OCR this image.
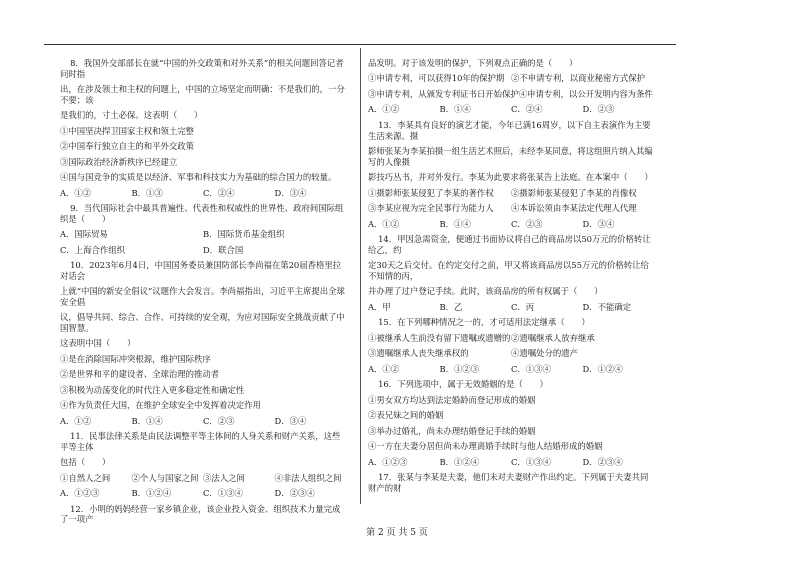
8．我国外交部部长在就“中国的外交政策和对外关系”的相关问题回答记者问时指
出，在涉及领土和主权的问题上，中国的立场坚定而明确：不是我们的，一分不要；该
是我们的，寸土必保。这表明（　　）
①中国坚决捍卫国家主权和领土完整
②中国奉行独立自主的和平外交政策
③国际政治经济新秩序已经建立
④国与国竞争的实质是以经济、军事和科技实力为基础的综合国力的较量。
A．①②	B．①③	C．②④	D．③④
9．当代国际社会中最具普遍性、代表性和权威性的世界性、政府间国际组织是（　　）
A．国际贸易	B．国际货币基金组织
C．上海合作组织	D．联合国
10．2023年6月4日，中国国务委员兼国防部长李尚福在第20届香格里拉对话会
上就“中国的新安全倡议”议题作大会发言。李尚福指出，习近平主席提出全球安全倡
议，倡导共同、综合、合作、可持续的安全观，为应对国际安全挑战贡献了中国智慧。
这表明中国（　　）
①是在消除国际冲突根源，维护国际秩序
②是世界和平的建设者、全球治理的推动者
③积极为动荡变化的时代注入更多稳定性和确定性
④作为负责任大国，在维护全球安全中发挥着决定作用
A．①②	B．①④	C．②③	D．③④
11．民事法律关系是由民法调整平等主体间的人身关系和财产关系，这些平等主体
包括（　　）
①自然人之间	②个人与国家之间 ③法人之间	④非法人组织之间
A．①②③	B．①②④	C．①③④	D．②③④
12．小明的妈妈经营一家乡镇企业，该企业投入资金、组织技术力量完成了一项产
品发明。对于该发明的保护，下列观点正确的是（　　）
①申请专利，可以获得10年的保护期 ②不申请专利，以商业秘密方式保护
③申请专利，从颁发专利证书日开始保护 ④申请专利，以公开发明内容为条件
A．①②	B．①④	C．②④	D．②③
13．李某具有良好的演艺才能，今年已满16周岁，以下自主表演作为主要生活来源。摄
影师张某为李某拍摄一组生活艺术照后，未经李某同意，将这组照片纳入其编写的人像摄
影技巧丛书，并对外发行。李某为此要求将张某告上法庭。在本案中（　　）
①摄影师张某侵犯了李某的著作权	②摄影师张某侵犯了李某的肖像权
③李某应视为完全民事行为能力人	④本诉讼须由李某法定代理人代理
A．①②	B．①④	C．②③	D．③④
14．甲因急需资金，便通过书面协议将自己的商品房以50万元的价格转让给乙，约
定30天之后交付。在约定交付之前，甲又将该商品房以55万元的价格转让给不知情的丙，
并办理了过户登记手续。此时，该商品房的所有权属于（　　）
A．甲	B．乙	C．丙	D．不能确定
15．在下列哪种情况之一的，才可适用法定继承（　　）
①被继承人生前没有留下遗嘱或遗赠的 ②遗嘱继承人放弃继承
③遗嘱继承人丧失继承权的	④遗嘱处分的遗产
A．①②	B．①②③	C．①③④	D．①②④
16．下列选项中，属于无效婚姻的是（　　）
①男女双方均达到法定婚龄而登记形成的婚姻
②表兄妹之间的婚姻
③举办过婚礼，尚未办理结婚登记手续的婚姻
④一方在夫妻分居但尚未办理离婚手续时与他人结婚形成的婚姻
A．①②③	B．①②④	C．①③④	D．②③④
17．张某与李某是夫妻，他们未对夫妻财产作出约定。下列属于夫妻共同财产的财
第 2 页 共 5 页
